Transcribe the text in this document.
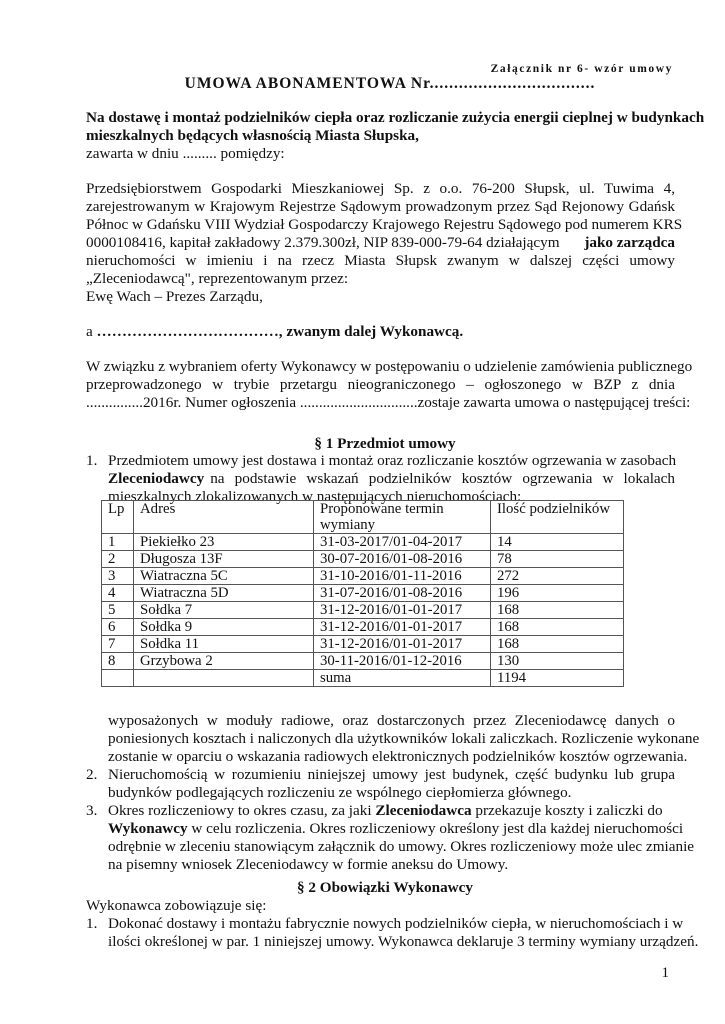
Załącznik nr 6- wzór umowy
UMOWA ABONAMENTOWA Nr..................................
Na dostawę i montaż podzielników ciepła oraz rozliczanie zużycia energii cieplnej w budynkach
mieszkalnych będących własnością Miasta Słupska,
zawarta w dniu ......... pomiędzy:
Przedsiębiorstwem Gospodarki Mieszkaniowej Sp. z o.o. 76-200 Słupsk, ul. Tuwima 4,
zarejestrowanym w Krajowym Rejestrze Sądowym prowadzonym przez Sąd Rejonowy Gdańsk
Północ w Gdańsku VIII Wydział Gospodarczy Krajowego Rejestru Sądowego pod numerem KRS
0000108416, kapitał zakładowy 2.379.300zł, NIP 839-000-79-64 działającym jako zarządca
nieruchomości w imieniu i na rzecz Miasta Słupsk zwanym w dalszej części umowy
„Zleceniodawcą", reprezentowanym przez:
Ewę Wach – Prezes Zarządu,
a ………………………………, zwanym dalej Wykonawcą.
W związku z wybraniem oferty Wykonawcy w postępowaniu o udzielenie zamówienia publicznego
przeprowadzonego w trybie przetargu nieograniczonego – ogłoszonego w BZP z dnia
...............2016r. Numer ogłoszenia ...............................zostaje zawarta umowa o następującej treści:
§ 1 Przedmiot umowy
1. Przedmiotem umowy jest dostawa i montaż oraz rozliczanie kosztów ogrzewania w zasobach
Zleceniodawcy na podstawie wskazań podzielników kosztów ogrzewania w lokalach
mieszkalnych zlokalizowanych w następujących nieruchomościach:
Lp	Adres	Proponowane termin wymiany	Ilość podzielników
1	Piekiełko 23	31-03-2017/01-04-2017	14
2	Długosza 13F	30-07-2016/01-08-2016	78
3	Wiatraczna 5C	31-10-2016/01-11-2016	272
4	Wiatraczna 5D	31-07-2016/01-08-2016	196
5	Sołdka 7	31-12-2016/01-01-2017	168
6	Sołdka 9	31-12-2016/01-01-2017	168
7	Sołdka 11	31-12-2016/01-01-2017	168
8	Grzybowa 2	30-11-2016/01-12-2016	130
		suma	1194
wyposażonych w moduły radiowe, oraz dostarczonych przez Zleceniodawcę danych o
poniesionych kosztach i naliczonych dla użytkowników lokali zaliczkach. Rozliczenie wykonane
zostanie w oparciu o wskazania radiowych elektronicznych podzielników kosztów ogrzewania.
2. Nieruchomością w rozumieniu niniejszej umowy jest budynek, część budynku lub grupa
budynków podlegających rozliczeniu ze wspólnego ciepłomierza głównego.
3. Okres rozliczeniowy to okres czasu, za jaki Zleceniodawca przekazuje koszty i zaliczki do
Wykonawcy w celu rozliczenia. Okres rozliczeniowy określony jest dla każdej nieruchomości
odrębnie w zleceniu stanowiącym załącznik do umowy. Okres rozliczeniowy może ulec zmianie
na pisemny wniosek Zleceniodawcy w formie aneksu do Umowy.
§ 2 Obowiązki Wykonawcy
Wykonawca zobowiązuje się:
1. Dokonać dostawy i montażu fabrycznie nowych podzielników ciepła, w nieruchomościach i w
ilości określonej w par. 1 niniejszej umowy. Wykonawca deklaruje 3 terminy wymiany urządzeń.
1
